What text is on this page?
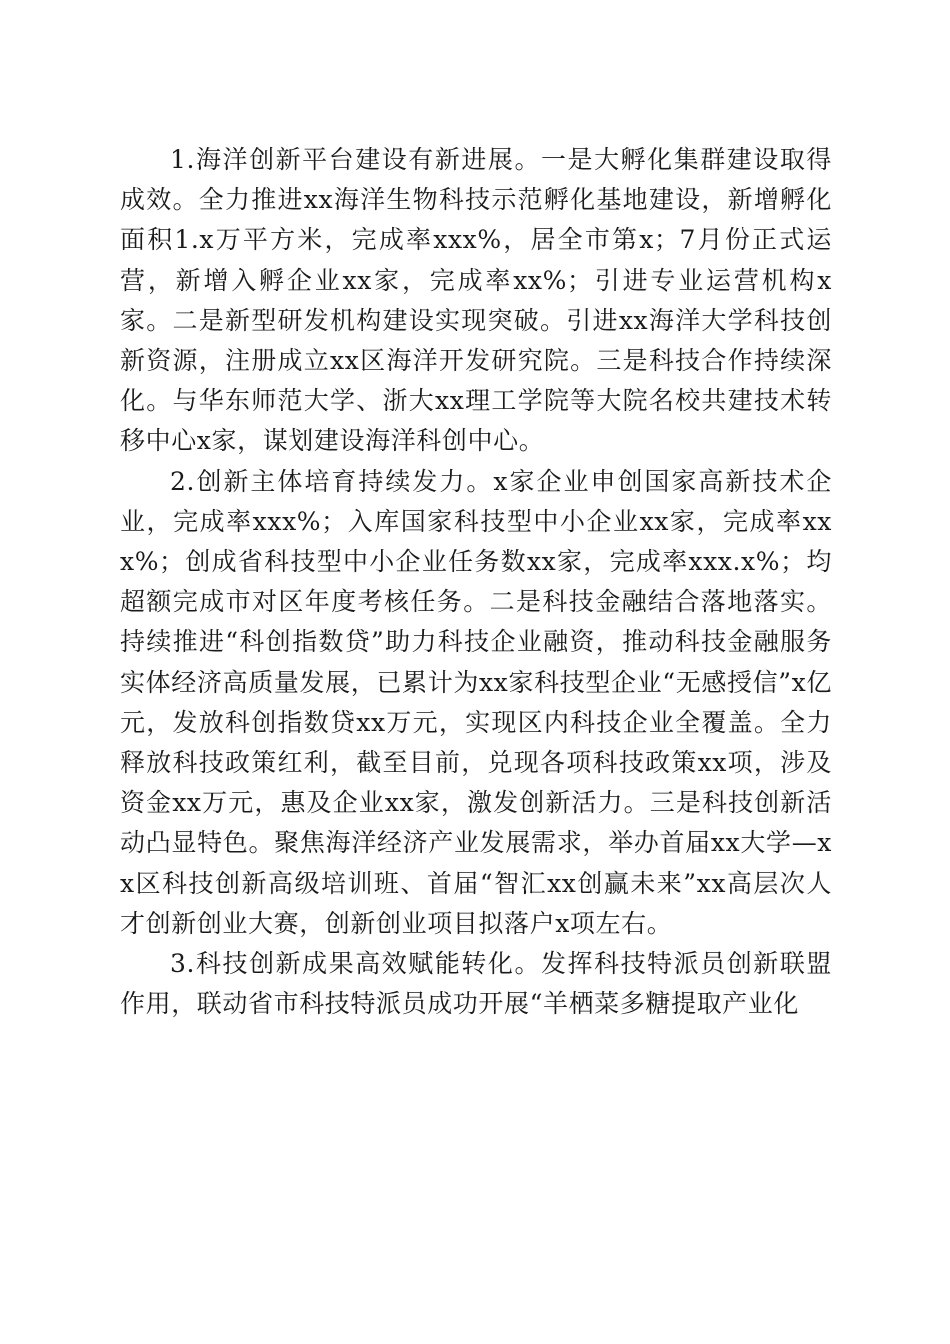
1.海洋创新平台建设有新进展。一是大孵化集群建设取得成效。全力推进xx海洋生物科技示范孵化基地建设，新增孵化面积1.x万平方米，完成率xxx%，居全市第x；7月份正式运营，新增入孵企业xx家，完成率xx%；引进专业运营机构x家。二是新型研发机构建设实现突破。引进xx海洋大学科技创新资源，注册成立xx区海洋开发研究院。三是科技合作持续深化。与华东师范大学、浙大xx理工学院等大院名校共建技术转移中心x家，谋划建设海洋科创中心。

2.创新主体培育持续发力。x家企业申创国家高新技术企业，完成率xxx%；入库国家科技型中小企业xx家，完成率xxx%；创成省科技型中小企业任务数xx家，完成率xxx.x%；均超额完成市对区年度考核任务。二是科技金融结合落地落实。持续推进“科创指数贷”助力科技企业融资，推动科技金融服务实体经济高质量发展，已累计为xx家科技型企业“无感授信”x亿元，发放科创指数贷xx万元，实现区内科技企业全覆盖。全力释放科技政策红利，截至目前，兑现各项科技政策xx项，涉及资金xx万元，惠及企业xx家，激发创新活力。三是科技创新活动凸显特色。聚焦海洋经济产业发展需求，举办首届xx大学—xx区科技创新高级培训班、首届“智汇xx创赢未来”xx高层次人才创新创业大赛，创新创业项目拟落户x项左右。

3.科技创新成果高效赋能转化。发挥科技特派员创新联盟作用，联动省市科技特派员成功开展“羊栖菜多糖提取产业化
